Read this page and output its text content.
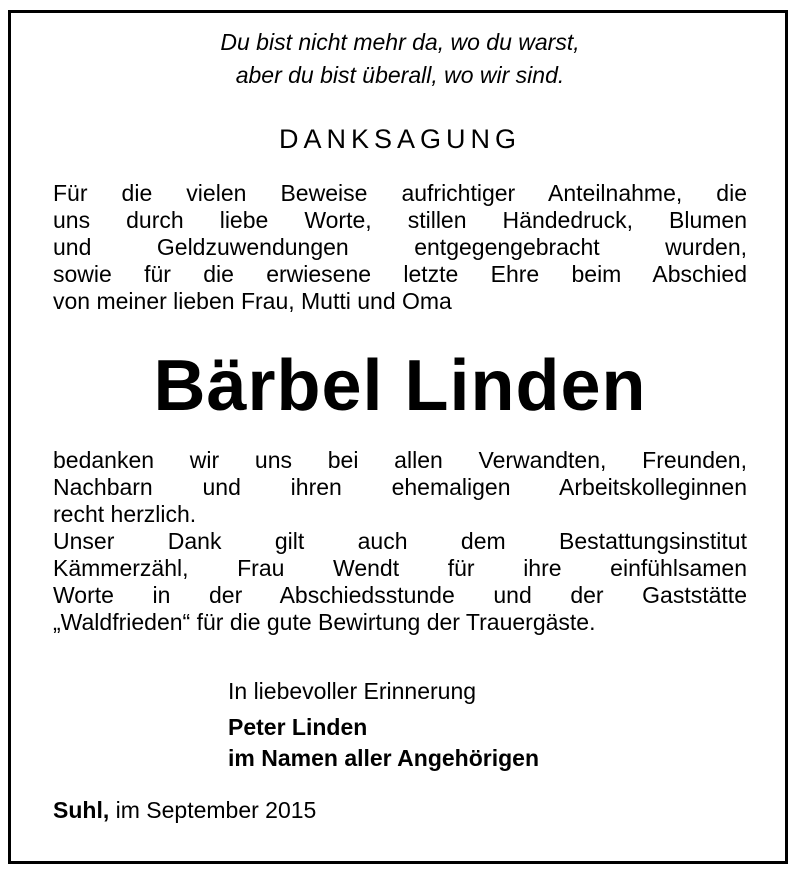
Du bist nicht mehr da, wo du warst,
aber du bist überall, wo wir sind.
DANKSAGUNG
Für die vielen Beweise aufrichtiger Anteilnahme, die
uns durch liebe Worte, stillen Händedruck, Blumen
und Geldzuwendungen entgegengebracht wurden,
sowie für die erwiesene letzte Ehre beim Abschied
von meiner lieben Frau, Mutti und Oma
Bärbel Linden
bedanken wir uns bei allen Verwandten, Freunden,
Nachbarn und ihren ehemaligen Arbeitskolleginnen
recht herzlich.
Unser Dank gilt auch dem Bestattungsinstitut
Kämmerzähl, Frau Wendt für ihre einfühlsamen
Worte in der Abschiedsstunde und der Gaststätte
„Waldfrieden“ für die gute Bewirtung der Trauergäste.
In liebevoller Erinnerung
Peter Linden
im Namen aller Angehörigen
Suhl, im September 2015
